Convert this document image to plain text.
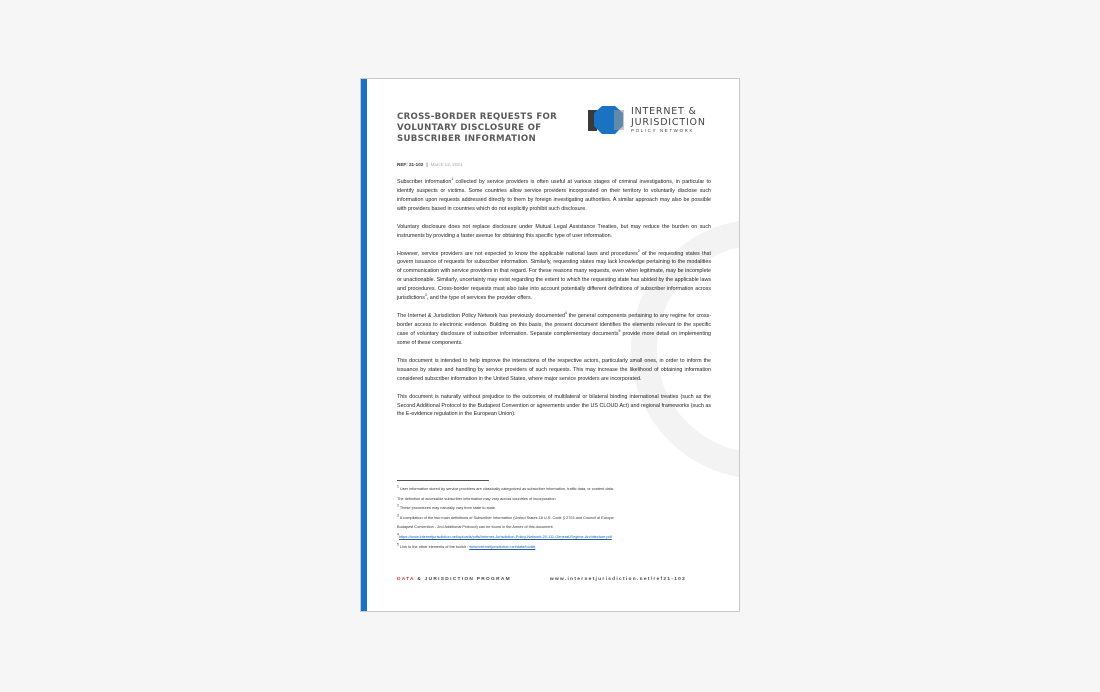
CROSS-BORDER REQUESTS FOR VOLUNTARY DISCLOSURE OF SUBSCRIBER INFORMATION
INTERNET &
JURISDICTION
POLICY NETWORK
REF: 21-102 | March 12, 2021

Subscriber information$^1$ collected by service providers is often useful at various stages of criminal investigations, in particular to identify suspects or victims. Some countries allow service providers incorporated on their territory to voluntarily disclose such information upon requests addressed directly to them by foreign investigating authorities. A similar approach may also be possible with providers based in countries which do not explicitly prohibit such disclosure.

Voluntary disclosure does not replace disclosure under Mutual Legal Assistance Treaties, but may reduce the burden on such instruments by providing a faster avenue for obtaining this specific type of user information.

However, service providers are not expected to know the applicable national laws and procedures$^2$ of the requesting states that govern issuance of requests for subscriber information. Similarly, requesting states may lack knowledge pertaining to the modalities of communication with service providers in that regard. For these reasons many requests, even when legitimate, may be incomplete or unactionable. Similarly, uncertainty may exist regarding the extent to which the requesting state has abided by the applicable laws and procedures. Cross-border requests must also take into account potentially different definitions of subscriber information across jurisdictions$^3$, and the type of services the provider offers.

The Internet & Jurisdiction Policy Network has previously documented$^4$ the general components pertaining to any regime for cross-border access to electronic evidence. Building on this basis, the present document identifies the elements relevant to the specific case of voluntary disclosure of subscriber information. Separate complementary documents$^5$ provide more detail on implementing some of these components.

This document is intended to help improve the interactions of the respective actors, particularly small ones, in order to inform the issuance by states and handling by service providers of such requests. This may increase the likelihood of obtaining information considered subscriber information in the United States, where major service providers are incorporated.

This document is naturally without prejudice to the outcomes of multilateral or bilateral binding international treaties (such as the Second Additional Protocol to the Budapest Convention or agreements under the US CLOUD Act) and regional frameworks (such as the E-evidence regulation in the European Union).

$^1$ User information stored by service providers are classically categorized as subscriber information, traffic data, or content data.
The definition of accessible subscriber information may vary across countries of incorporation.
$^2$ These procedures may naturally vary from state to state.
$^3$ A compilation of the two main definitions of Subscriber Information (United States 18 U.S. Code § 2703 and Council of Europe
Budapest Convention - 2nd Additional Protocol) can be found in the Annex of this document.
$^4$https://www.internetjurisdiction.net/uploads/pdfs/Internet-Jurisdiction-Policy-Network-20-111-General-Regime-Architecture.pdf
$^5$ Link to the other elements of the toolkit : www.internetjurisdiction.net/data/toolkit
DATA & JURISDICTION PROGRAM	www.internetjurisdiction.net/ref21-102
